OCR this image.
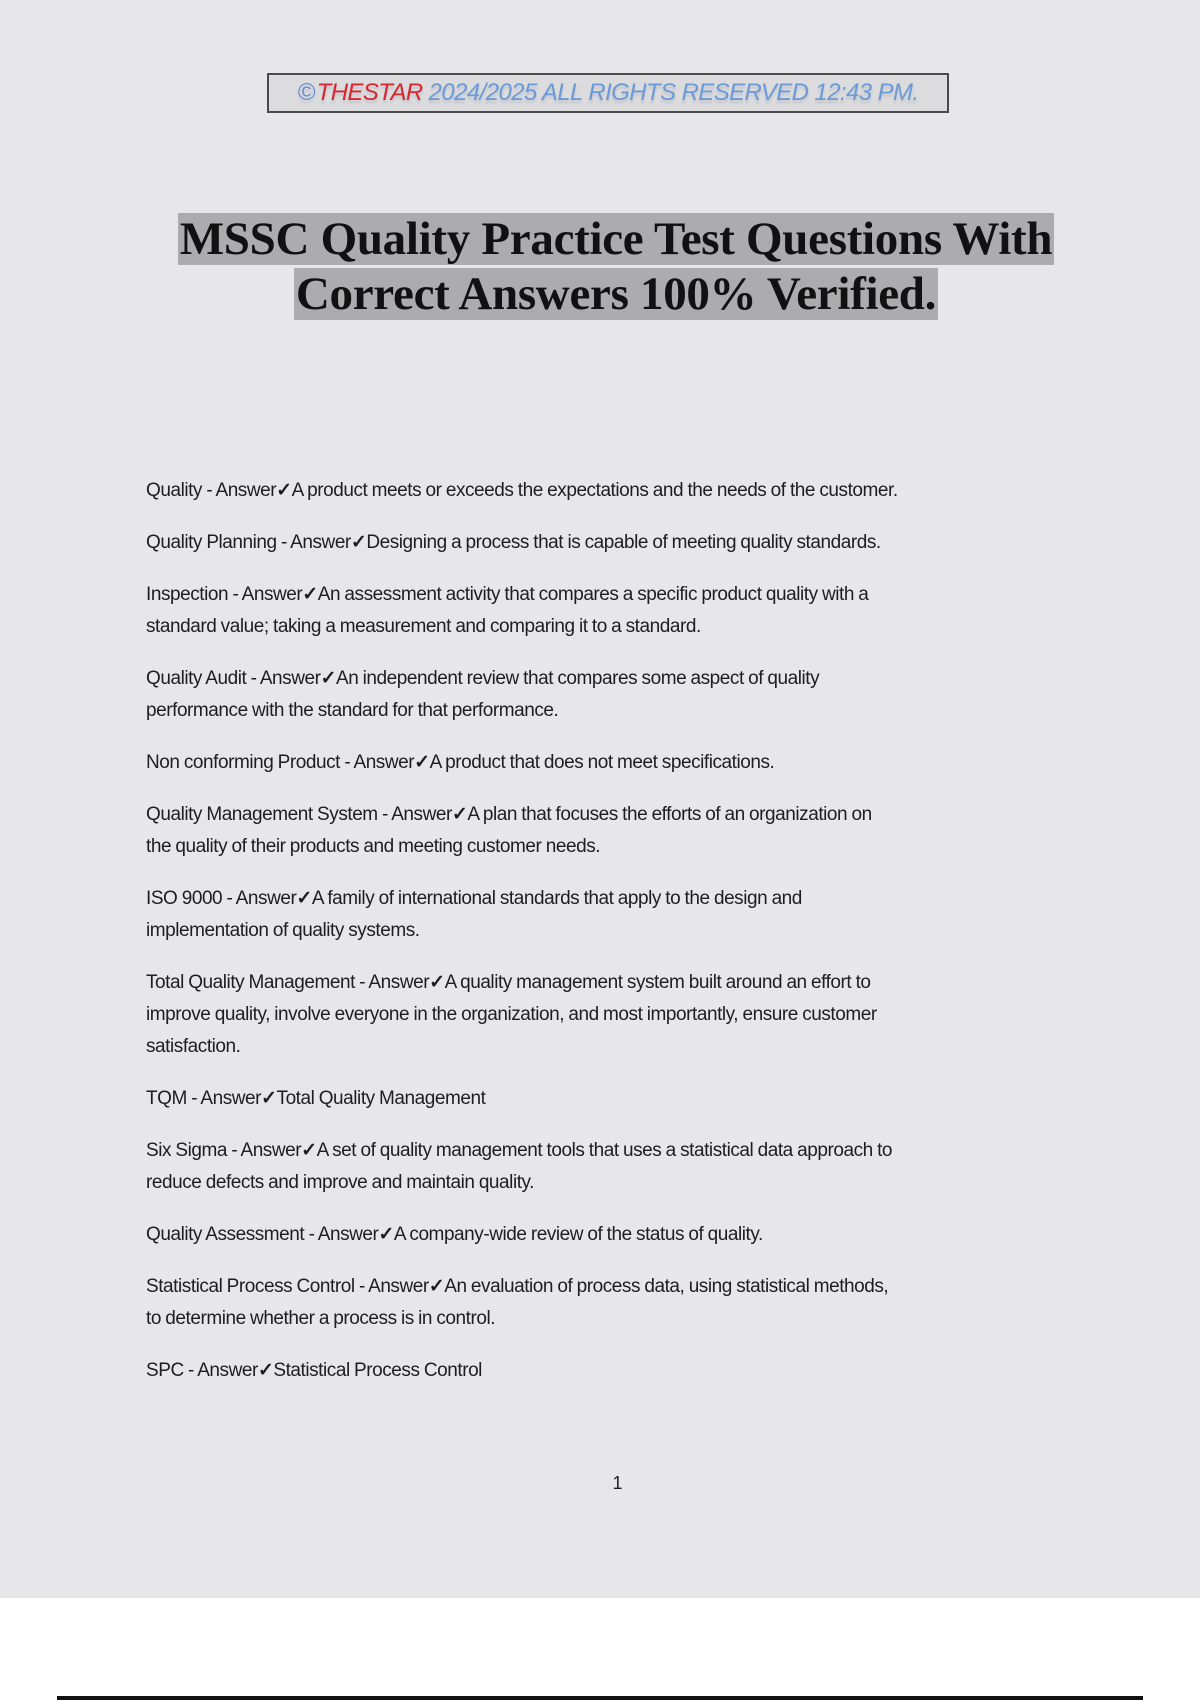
© THESTAR 2024/2025 ALL RIGHTS RESERVED 12:43 PM.
MSSC Quality Practice Test Questions With
Correct Answers 100% Verified.
Quality - Answer✓A product meets or exceeds the expectations and the needs of the customer.
Quality Planning - Answer✓Designing a process that is capable of meeting quality standards.
Inspection - Answer✓An assessment activity that compares a specific product quality with a
standard value; taking a measurement and comparing it to a standard.
Quality Audit - Answer✓An independent review that compares some aspect of quality
performance with the standard for that performance.
Non conforming Product - Answer✓A product that does not meet specifications.
Quality Management System - Answer✓A plan that focuses the efforts of an organization on
the quality of their products and meeting customer needs.
ISO 9000 - Answer✓A family of international standards that apply to the design and
implementation of quality systems.
Total Quality Management - Answer✓A quality management system built around an effort to
improve quality, involve everyone in the organization, and most importantly, ensure customer
satisfaction.
TQM - Answer✓Total Quality Management
Six Sigma - Answer✓A set of quality management tools that uses a statistical data approach to
reduce defects and improve and maintain quality.
Quality Assessment - Answer✓A company-wide review of the status of quality.
Statistical Process Control - Answer✓An evaluation of process data, using statistical methods,
to determine whether a process is in control.
SPC - Answer✓Statistical Process Control
1
